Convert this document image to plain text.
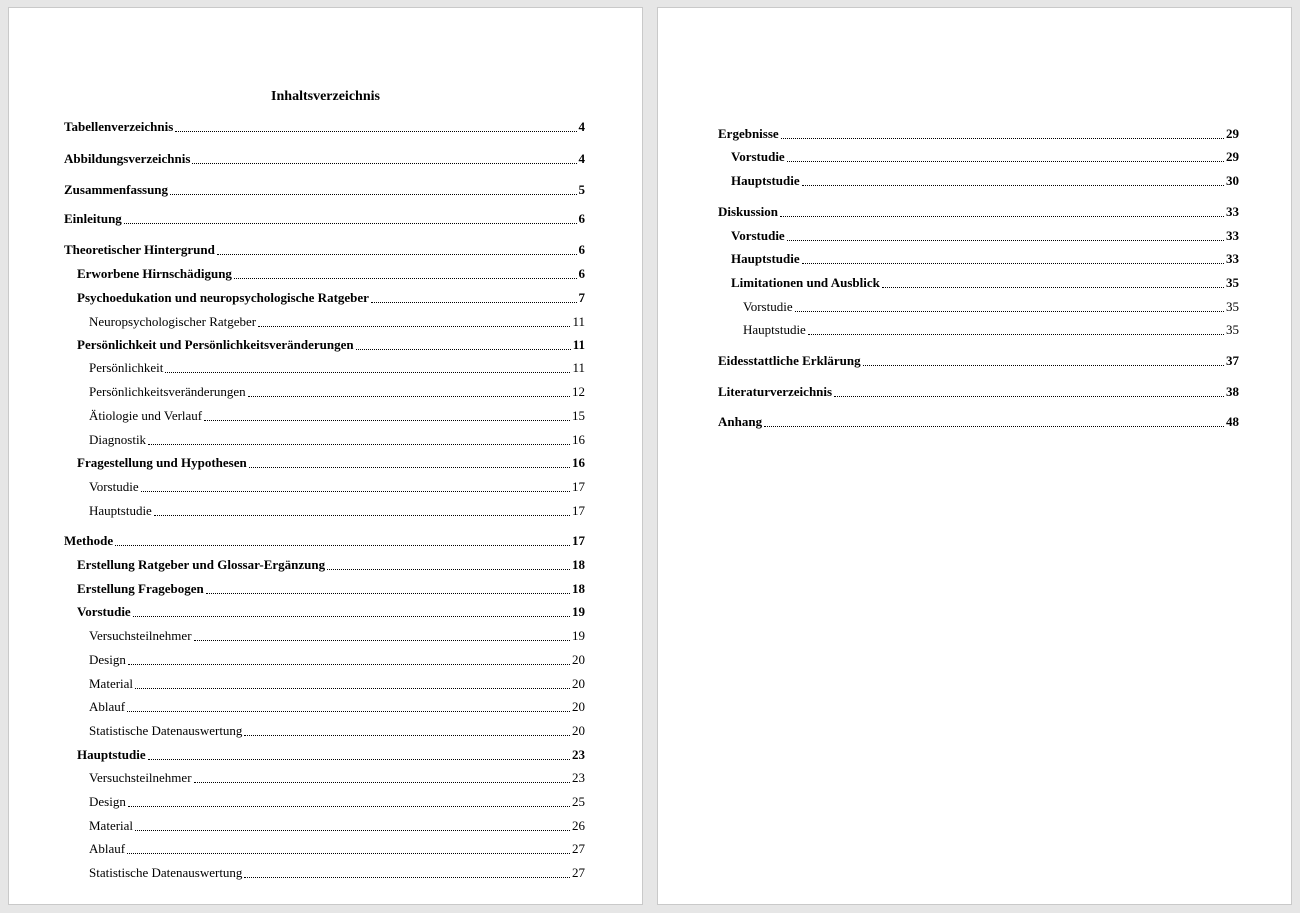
Inhaltsverzeichnis
Tabellenverzeichnis	4
Abbildungsverzeichnis	4
Zusammenfassung	5
Einleitung	6
Theoretischer Hintergrund	6
Erworbene Hirnschädigung	6
Psychoedukation und neuropsychologische Ratgeber	7
Neuropsychologischer Ratgeber	11
Persönlichkeit und Persönlichkeitsveränderungen	11
Persönlichkeit	11
Persönlichkeitsveränderungen	12
Ätiologie und Verlauf	15
Diagnostik	16
Fragestellung und Hypothesen	16
Vorstudie	17
Hauptstudie	17
Methode	17
Erstellung Ratgeber und Glossar-Ergänzung	18
Erstellung Fragebogen	18
Vorstudie	19
Versuchsteilnehmer	19
Design	20
Material	20
Ablauf	20
Statistische Datenauswertung	20
Hauptstudie	23
Versuchsteilnehmer	23
Design	25
Material	26
Ablauf	27
Statistische Datenauswertung	27
Ergebnisse	29
Vorstudie	29
Hauptstudie	30
Diskussion	33
Vorstudie	33
Hauptstudie	33
Limitationen und Ausblick	35
Vorstudie	35
Hauptstudie	35
Eidesstattliche Erklärung	37
Literaturverzeichnis	38
Anhang	48
